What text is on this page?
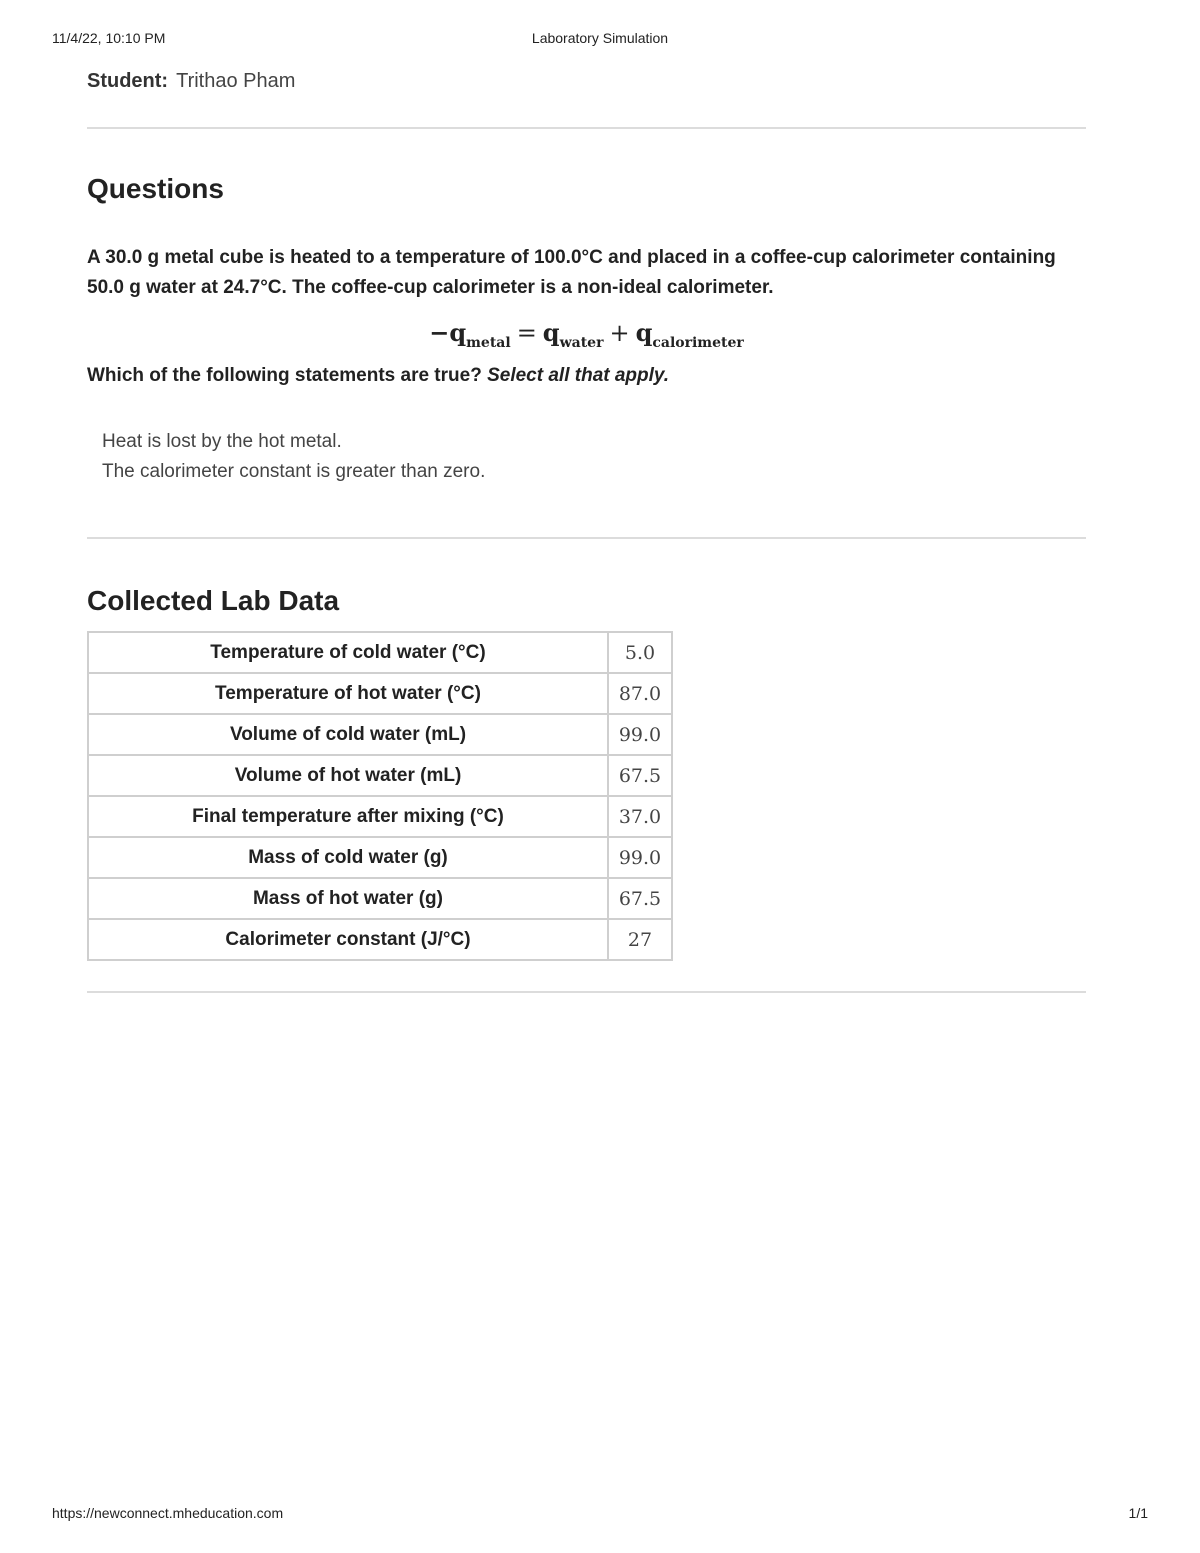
11/4/22, 10:10 PM	Laboratory Simulation
Student: Trithao Pham
Questions
A 30.0 g metal cube is heated to a temperature of 100.0°C and placed in a coffee-cup calorimeter containing 50.0 g water at 24.7°C. The coffee-cup calorimeter is a non-ideal calorimeter.
$-q_{metal} = q_{water} + q_{calorimeter}$
Which of the following statements are true? Select all that apply.
Heat is lost by the hot metal.
The calorimeter constant is greater than zero.
Collected Lab Data
Temperature of cold water (°C)	5.0
Temperature of hot water (°C)	87.0
Volume of cold water (mL)	99.0
Volume of hot water (mL)	67.5
Final temperature after mixing (°C)	37.0
Mass of cold water (g)	99.0
Mass of hot water (g)	67.5
Calorimeter constant (J/°C)	27
https://newconnect.mheducation.com	1/1
